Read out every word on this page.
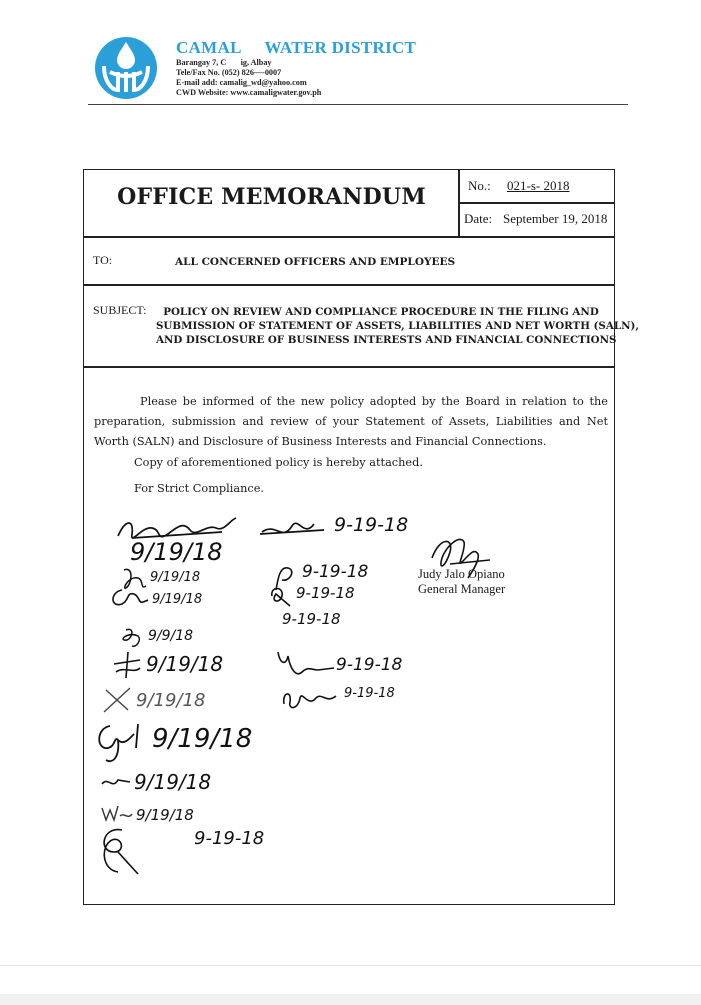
CAMAL     WATER DISTRICT
Barangay 7, C       ig, Albay
Tele/Fax No. (052) 826—-0007
E-mail add: camalig_wd@yahoo.com
CWD Website: www.camaligwater.gov.ph
OFFICE MEMORANDUM	No.: 021-s- 2018
Date: September 19, 2018
TO:	ALL CONCERNED OFFICERS AND EMPLOYEES
SUBJECT:	POLICY ON REVIEW AND COMPLIANCE PROCEDURE IN THE FILING AND
SUBMISSION OF STATEMENT OF ASSETS, LIABILITIES AND NET WORTH (SALN),
AND DISCLOSURE OF BUSINESS INTERESTS AND FINANCIAL CONNECTIONS
Please be informed of the new policy adopted by the Board in relation to the preparation, submission and review of your Statement of Assets, Liabilities and Net Worth (SALN) and Disclosure of Business Interests and Financial Connections.
Copy of aforementioned policy is hereby attached.
For Strict Compliance.
Judy Jalo Opiano
General Manager
9/19/18
9-19-18
9/19/18	9-19-18
9/19/18	9-19-18
9-19-18
9/9/18
9/19/18	9-19-18
9/19/18	9-19-18
9/19/18
9/19/18
9/19/18
9-19-18
